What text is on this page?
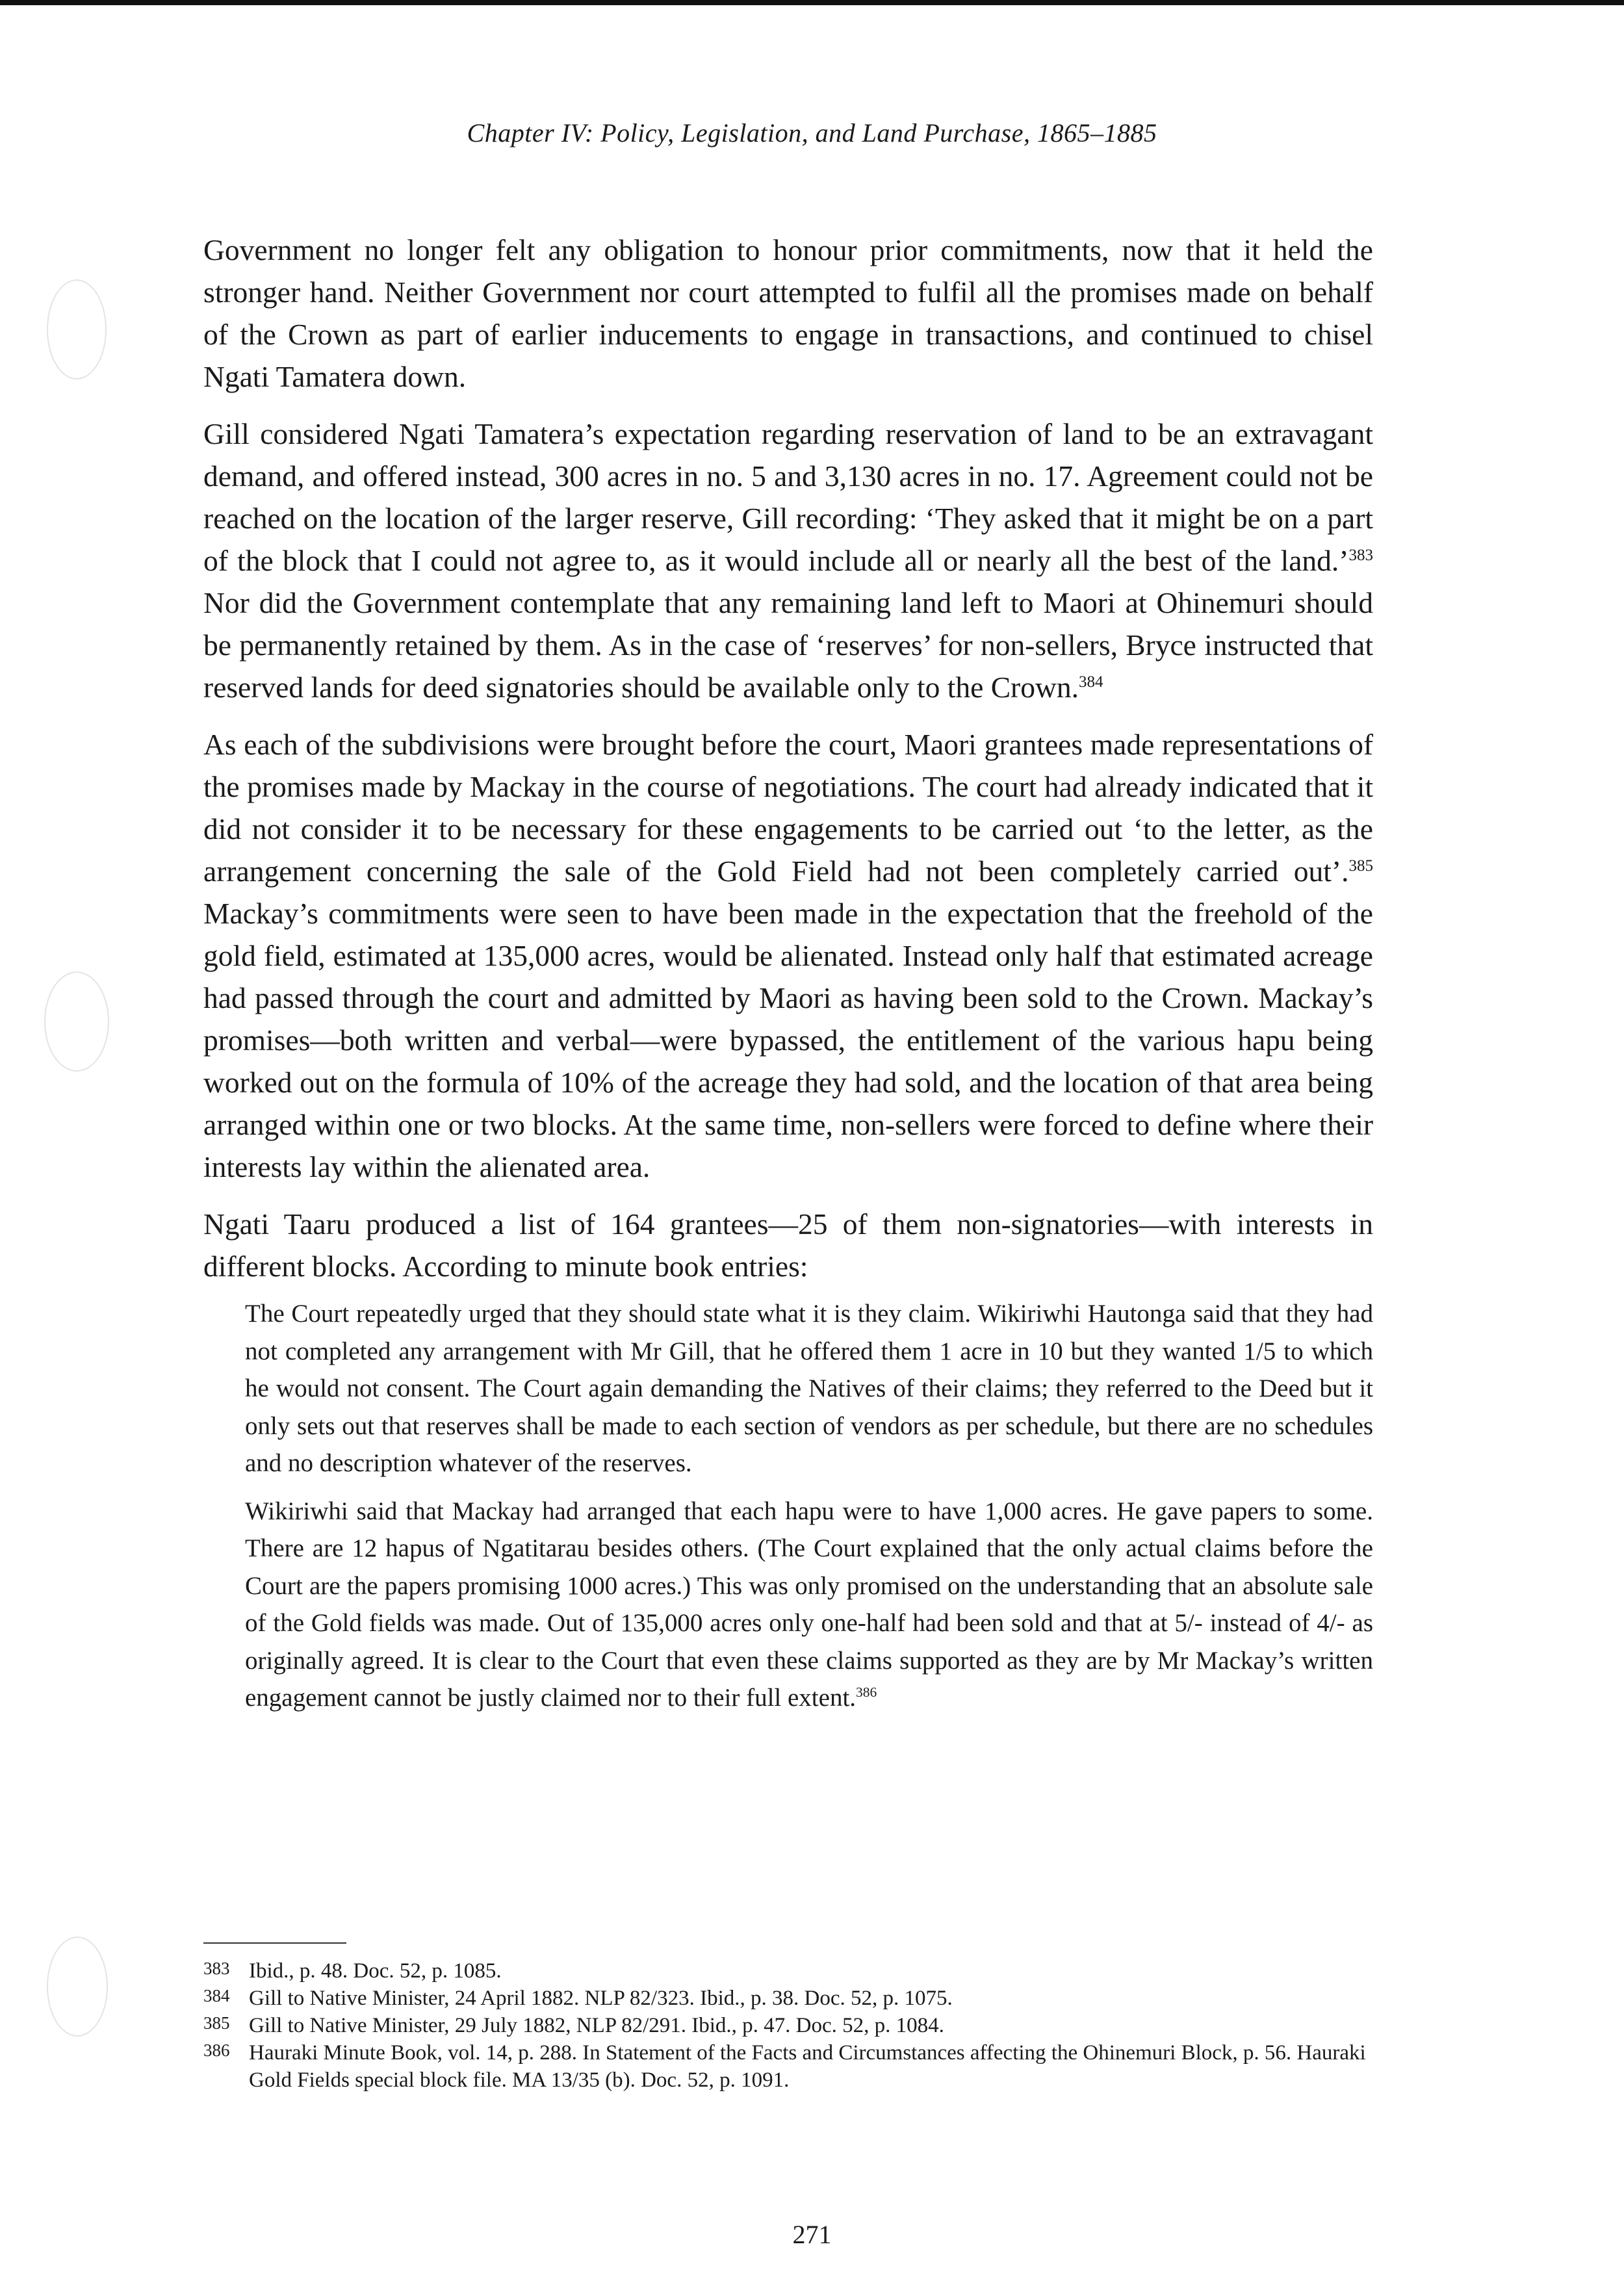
Chapter IV: Policy, Legislation, and Land Purchase, 1865–1885

Government no longer felt any obligation to honour prior commitments, now that it held the stronger hand. Neither Government nor court attempted to fulfil all the promises made on behalf of the Crown as part of earlier inducements to engage in transactions, and continued to chisel Ngati Tamatera down.

Gill considered Ngati Tamatera’s expectation regarding reservation of land to be an extravagant demand, and offered instead, 300 acres in no. 5 and 3,130 acres in no. 17. Agreement could not be reached on the location of the larger reserve, Gill recording: ‘They asked that it might be on a part of the block that I could not agree to, as it would include all or nearly all the best of the land.’$^{383}$ Nor did the Government contemplate that any remaining land left to Maori at Ohinemuri should be permanently retained by them. As in the case of ‘reserves’ for non-sellers, Bryce instructed that reserved lands for deed signatories should be available only to the Crown.$^{384}$

As each of the subdivisions were brought before the court, Maori grantees made representations of the promises made by Mackay in the course of negotiations. The court had already indicated that it did not consider it to be necessary for these engagements to be carried out ‘to the letter, as the arrangement concerning the sale of the Gold Field had not been completely carried out’.$^{385}$ Mackay’s commitments were seen to have been made in the expectation that the freehold of the gold field, estimated at 135,000 acres, would be alienated. Instead only half that estimated acreage had passed through the court and admitted by Maori as having been sold to the Crown. Mackay’s promises—both written and verbal—were bypassed, the entitlement of the various hapu being worked out on the formula of 10% of the acreage they had sold, and the location of that area being arranged within one or two blocks. At the same time, non-sellers were forced to define where their interests lay within the alienated area.

Ngati Taaru produced a list of 164 grantees—25 of them non-signatories—with interests in different blocks. According to minute book entries:

The Court repeatedly urged that they should state what it is they claim. Wikiriwhi Hautonga said that they had not completed any arrangement with Mr Gill, that he offered them 1 acre in 10 but they wanted 1/5 to which he would not consent. The Court again demanding the Natives of their claims; they referred to the Deed but it only sets out that reserves shall be made to each section of vendors as per schedule, but there are no schedules and no description whatever of the reserves.

Wikiriwhi said that Mackay had arranged that each hapu were to have 1,000 acres. He gave papers to some. There are 12 hapus of Ngatitarau besides others. (The Court explained that the only actual claims before the Court are the papers promising 1000 acres.) This was only promised on the understanding that an absolute sale of the Gold fields was made. Out of 135,000 acres only one-half had been sold and that at 5/- instead of 4/- as originally agreed. It is clear to the Court that even these claims supported as they are by Mr Mackay’s written engagement cannot be justly claimed nor to their full extent.$^{386}$

383 Ibid., p. 48. Doc. 52, p. 1085.
384 Gill to Native Minister, 24 April 1882. NLP 82/323. Ibid., p. 38. Doc. 52, p. 1075.
385 Gill to Native Minister, 29 July 1882, NLP 82/291. Ibid., p. 47. Doc. 52, p. 1084.
386 Hauraki Minute Book, vol. 14, p. 288. In Statement of the Facts and Circumstances affecting the Ohinemuri Block, p. 56. Hauraki Gold Fields special block file. MA 13/35 (b). Doc. 52, p. 1091.
271
